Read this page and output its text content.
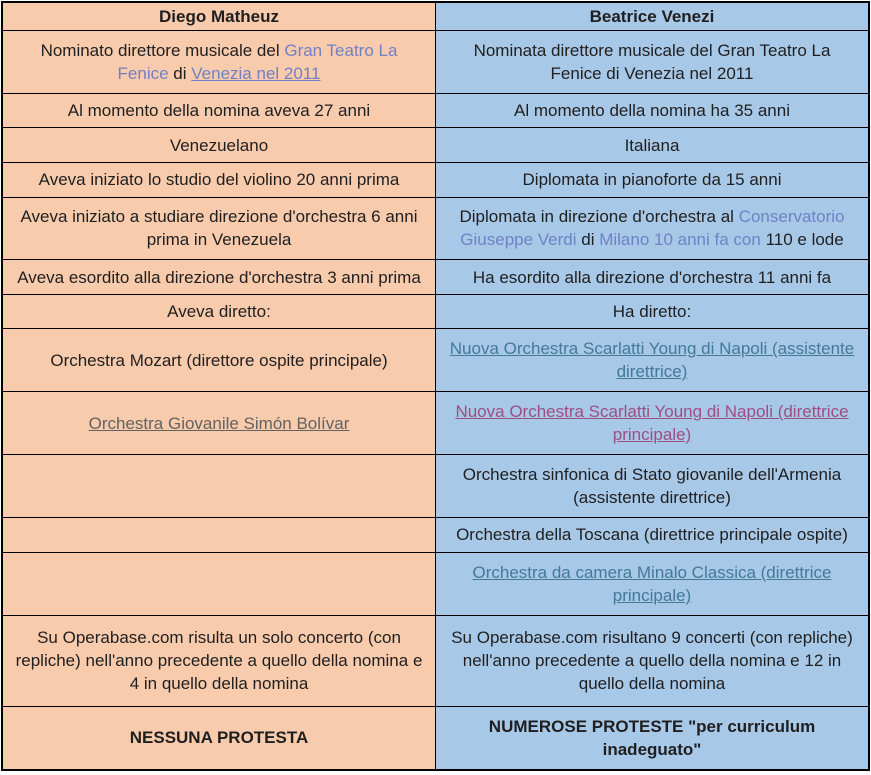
Diego Matheuz	Beatrice Venezi
Nominato direttore musicale del Gran Teatro La Fenice di Venezia nel 2011	Nominata direttore musicale del Gran Teatro La Fenice di Venezia nel 2011
Al momento della nomina aveva 27 anni	Al momento della nomina ha 35 anni
Venezuelano	Italiana
Aveva iniziato lo studio del violino 20 anni prima	Diplomata in pianoforte da 15 anni
Aveva iniziato a studiare direzione d'orchestra 6 anni prima in Venezuela	Diplomata in direzione d'orchestra al Conservatorio Giuseppe Verdi di Milano 10 anni fa con 110 e lode
Aveva esordito alla direzione d'orchestra 3 anni prima	Ha esordito alla direzione d'orchestra 11 anni fa
Aveva diretto:	Ha diretto:
Orchestra Mozart (direttore ospite principale)	Nuova Orchestra Scarlatti Young di Napoli (assistente direttrice)
Orchestra Giovanile Simón Bolívar	Nuova Orchestra Scarlatti Young di Napoli (direttrice principale)
	Orchestra sinfonica di Stato giovanile dell'Armenia (assistente direttrice)
	Orchestra della Toscana (direttrice principale ospite)
	Orchestra da camera Minalo Classica (direttrice principale)
Su Operabase.com risulta un solo concerto (con repliche) nell'anno precedente a quello della nomina e 4 in quello della nomina	Su Operabase.com risultano 9 concerti (con repliche) nell'anno precedente a quello della nomina e 12 in quello della nomina
NESSUNA PROTESTA	NUMEROSE PROTESTE "per curriculum inadeguato"
